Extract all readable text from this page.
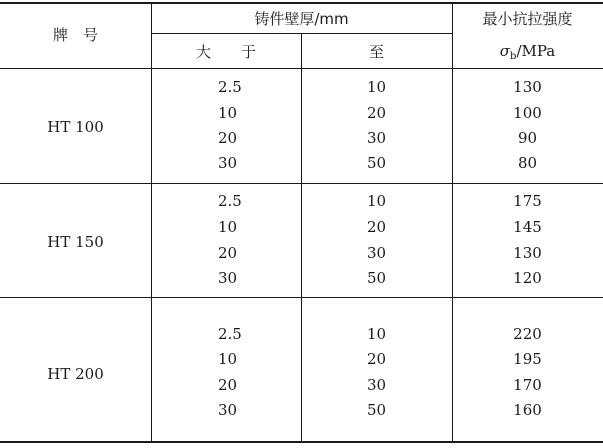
牌　号
铸件壁厚/mm
大　　于	至
最小抗拉强度
$\sigma_b$/MPa
HT 100
2.5
10
20
30
10
20
30
50
130
100
90
80
HT 150
2.5
10
20
30
10
20
30
50
175
145
130
120
HT 200
2.5
10
20
30
10
20
30
50
220
195
170
160
